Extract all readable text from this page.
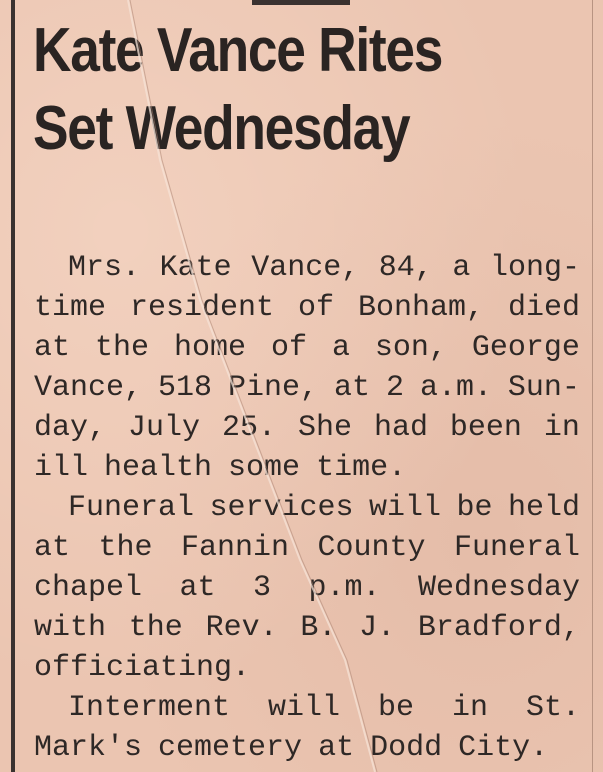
Kate Vance Rites
Set Wednesday
Mrs. Kate Vance, 84, a long-
time resident of Bonham, died
at the home of a son, George
Vance, 518 Pine, at 2 a.m. Sun-
day, July 25. She had been in
ill health some time.
Funeral services will be held
at the Fannin County Funeral
chapel at 3 p.m. Wednesday
with the Rev. B. J. Bradford,
officiating.
Interment will be in St.
Mark's cemetery at Dodd City.
